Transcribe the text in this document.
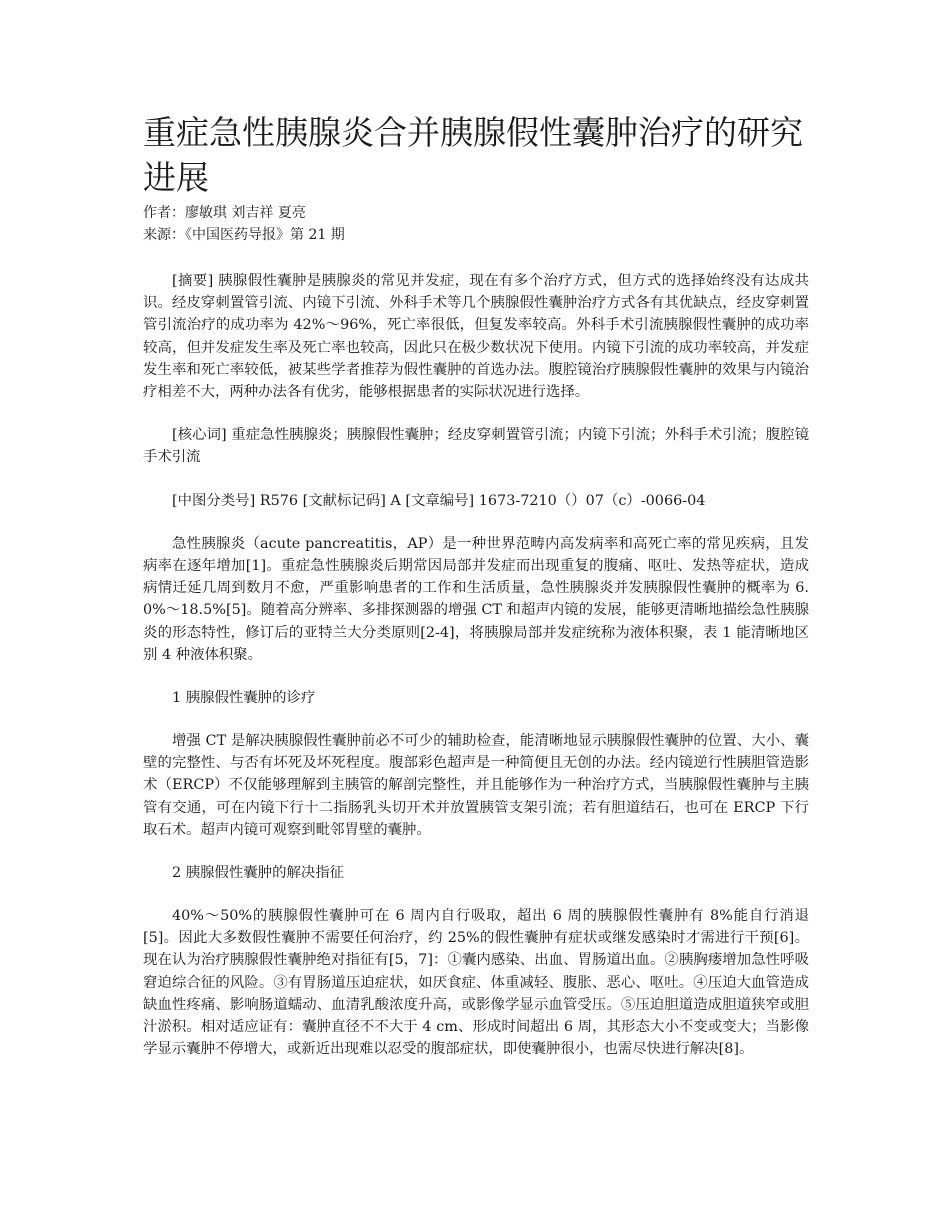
重症急性胰腺炎合并胰腺假性囊肿治疗的研究进展

作者：廖敏琪 刘吉祥 夏亮

来源：《中国医药导报》第 21 期

[摘要] 胰腺假性囊肿是胰腺炎的常见并发症，现在有多个治疗方式，但方式的选择始终没有达成共识。经皮穿刺置管引流、内镜下引流、外科手术等几个胰腺假性囊肿治疗方式各有其优缺点，经皮穿刺置管引流治疗的成功率为 42%～96%，死亡率很低，但复发率较高。外科手术引流胰腺假性囊肿的成功率较高，但并发症发生率及死亡率也较高，因此只在极少数状况下使用。内镜下引流的成功率较高，并发症发生率和死亡率较低，被某些学者推荐为假性囊肿的首选办法。腹腔镜治疗胰腺假性囊肿的效果与内镜治疗相差不大，两种办法各有优劣，能够根据患者的实际状况进行选择。

[核心词] 重症急性胰腺炎；胰腺假性囊肿；经皮穿刺置管引流；内镜下引流；外科手术引流；腹腔镜手术引流

[中图分类号] R576 [文献标记码] A [文章编号] 1673-7210（）07（c）-0066-04

急性胰腺炎（acute pancreatitis，AP）是一种世界范畴内高发病率和高死亡率的常见疾病，且发病率在逐年增加[1]。重症急性胰腺炎后期常因局部并发症而出现重复的腹痛、呕吐、发热等症状，造成病情迁延几周到数月不愈，严重影响患者的工作和生活质量，急性胰腺炎并发胰腺假性囊肿的概率为 6.0%～18.5%[5]。随着高分辨率、多排探测器的增强 CT 和超声内镜的发展，能够更清晰地描绘急性胰腺炎的形态特性，修订后的亚特兰大分类原则[2-4]，将胰腺局部并发症统称为液体积聚，表 1 能清晰地区别 4 种液体积聚。

1 胰腺假性囊肿的诊疗

增强 CT 是解决胰腺假性囊肿前必不可少的辅助检查，能清晰地显示胰腺假性囊肿的位置、大小、囊壁的完整性、与否有坏死及坏死程度。腹部彩色超声是一种简便且无创的办法。经内镜逆行性胰胆管造影术（ERCP）不仅能够理解到主胰管的解剖完整性，并且能够作为一种治疗方式，当胰腺假性囊肿与主胰管有交通，可在内镜下行十二指肠乳头切开术并放置胰管支架引流；若有胆道结石，也可在 ERCP 下行取石术。超声内镜可观察到毗邻胃壁的囊肿。

2 胰腺假性囊肿的解决指征

40%～50%的胰腺假性囊肿可在 6 周内自行吸取，超出 6 周的胰腺假性囊肿有 8%能自行消退[5]。因此大多数假性囊肿不需要任何治疗，约 25%的假性囊肿有症状或继发感染时才需进行干预[6]。现在认为治疗胰腺假性囊肿绝对指征有[5，7]：①囊内感染、出血、胃肠道出血。②胰胸瘘增加急性呼吸窘迫综合征的风险。③有胃肠道压迫症状，如厌食症、体重减轻、腹胀、恶心、呕吐。④压迫大血管造成缺血性疼痛、影响肠道蠕动、血清乳酸浓度升高，或影像学显示血管受压。⑤压迫胆道造成胆道狭窄或胆汁淤积。相对适应证有：囊肿直径不不大于 4 cm、形成时间超出 6 周，其形态大小不变或变大；当影像学显示囊肿不停增大，或新近出现难以忍受的腹部症状，即使囊肿很小，也需尽快进行解决[8]。
